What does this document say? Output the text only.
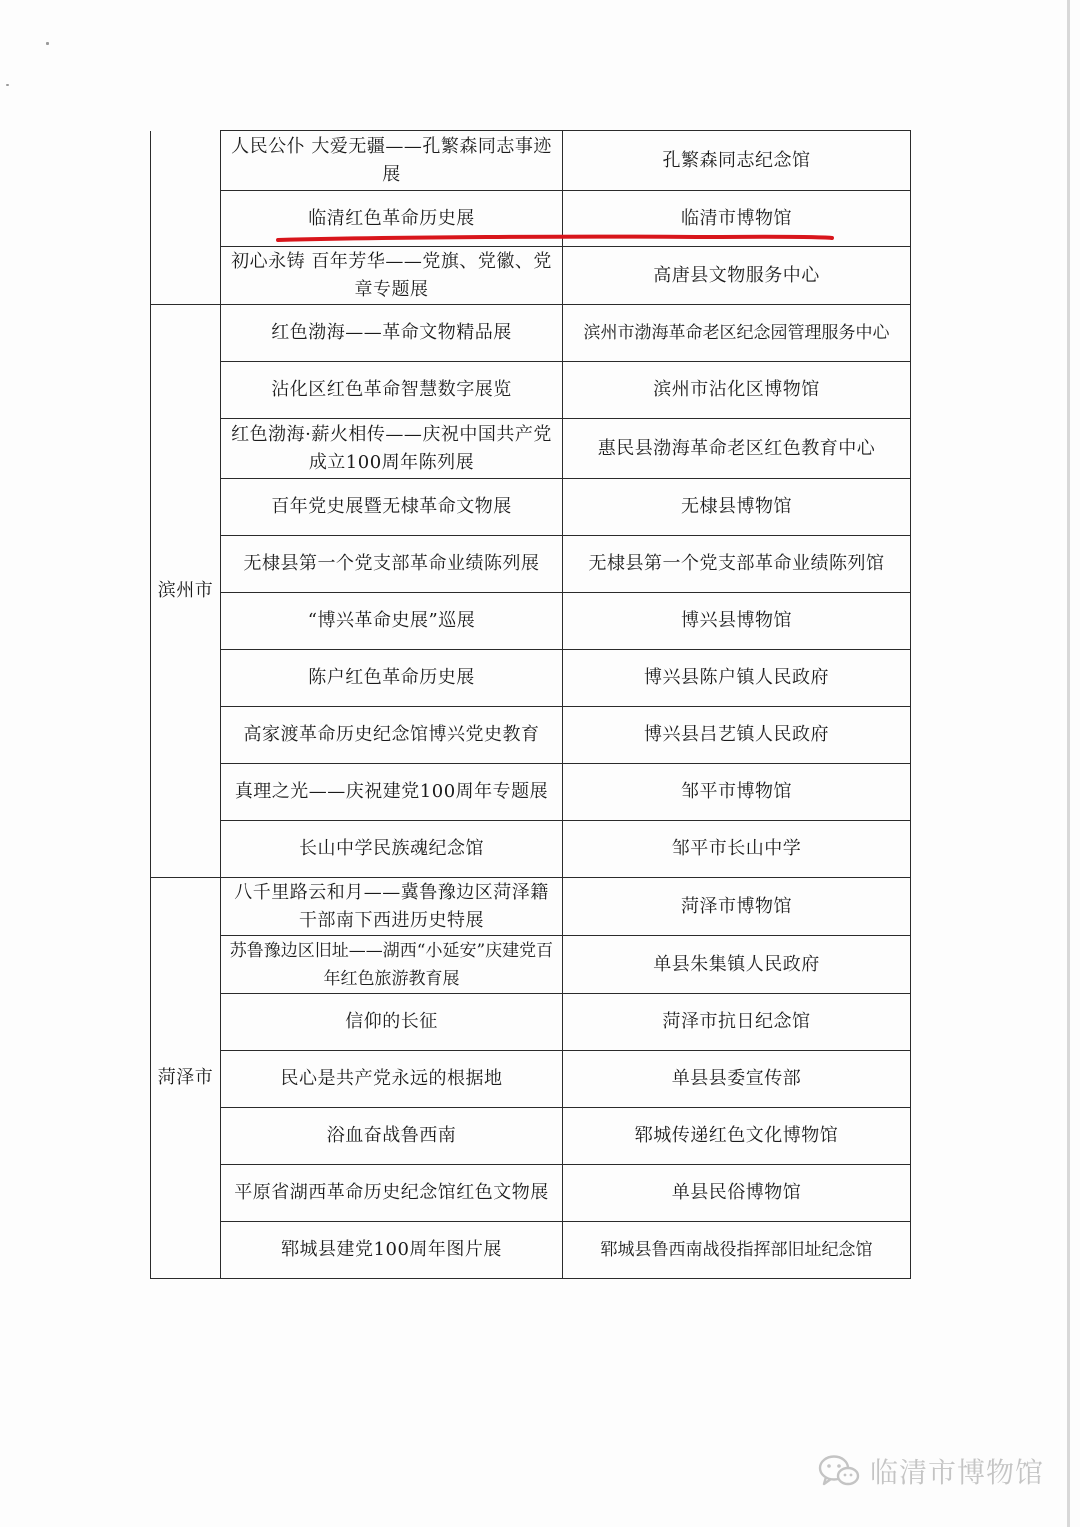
	人民公仆 大爱无疆——孔繁森同志事迹展	孔繁森同志纪念馆
	临清红色革命历史展	临清市博物馆
	初心永铸 百年芳华——党旗、党徽、党章专题展	高唐县文物服务中心
滨州市	红色渤海——革命文物精品展	滨州市渤海革命老区纪念园管理服务中心
	沾化区红色革命智慧数字展览	滨州市沾化区博物馆
	红色渤海·薪火相传——庆祝中国共产党成立100周年陈列展	惠民县渤海革命老区红色教育中心
	百年党史展暨无棣革命文物展	无棣县博物馆
	无棣县第一个党支部革命业绩陈列展	无棣县第一个党支部革命业绩陈列馆
	“博兴革命史展”巡展	博兴县博物馆
	陈户红色革命历史展	博兴县陈户镇人民政府
	高家渡革命历史纪念馆博兴党史教育	博兴县吕艺镇人民政府
	真理之光——庆祝建党100周年专题展	邹平市博物馆
	长山中学民族魂纪念馆	邹平市长山中学
菏泽市	八千里路云和月——冀鲁豫边区菏泽籍干部南下西进历史特展	菏泽市博物馆
	苏鲁豫边区旧址——湖西“小延安”庆建党百年红色旅游教育展	单县朱集镇人民政府
	信仰的长征	菏泽市抗日纪念馆
	民心是共产党永远的根据地	单县县委宣传部
	浴血奋战鲁西南	郓城传递红色文化博物馆
	平原省湖西革命历史纪念馆红色文物展	单县民俗博物馆
	郓城县建党100周年图片展	郓城县鲁西南战役指挥部旧址纪念馆
临清市博物馆
